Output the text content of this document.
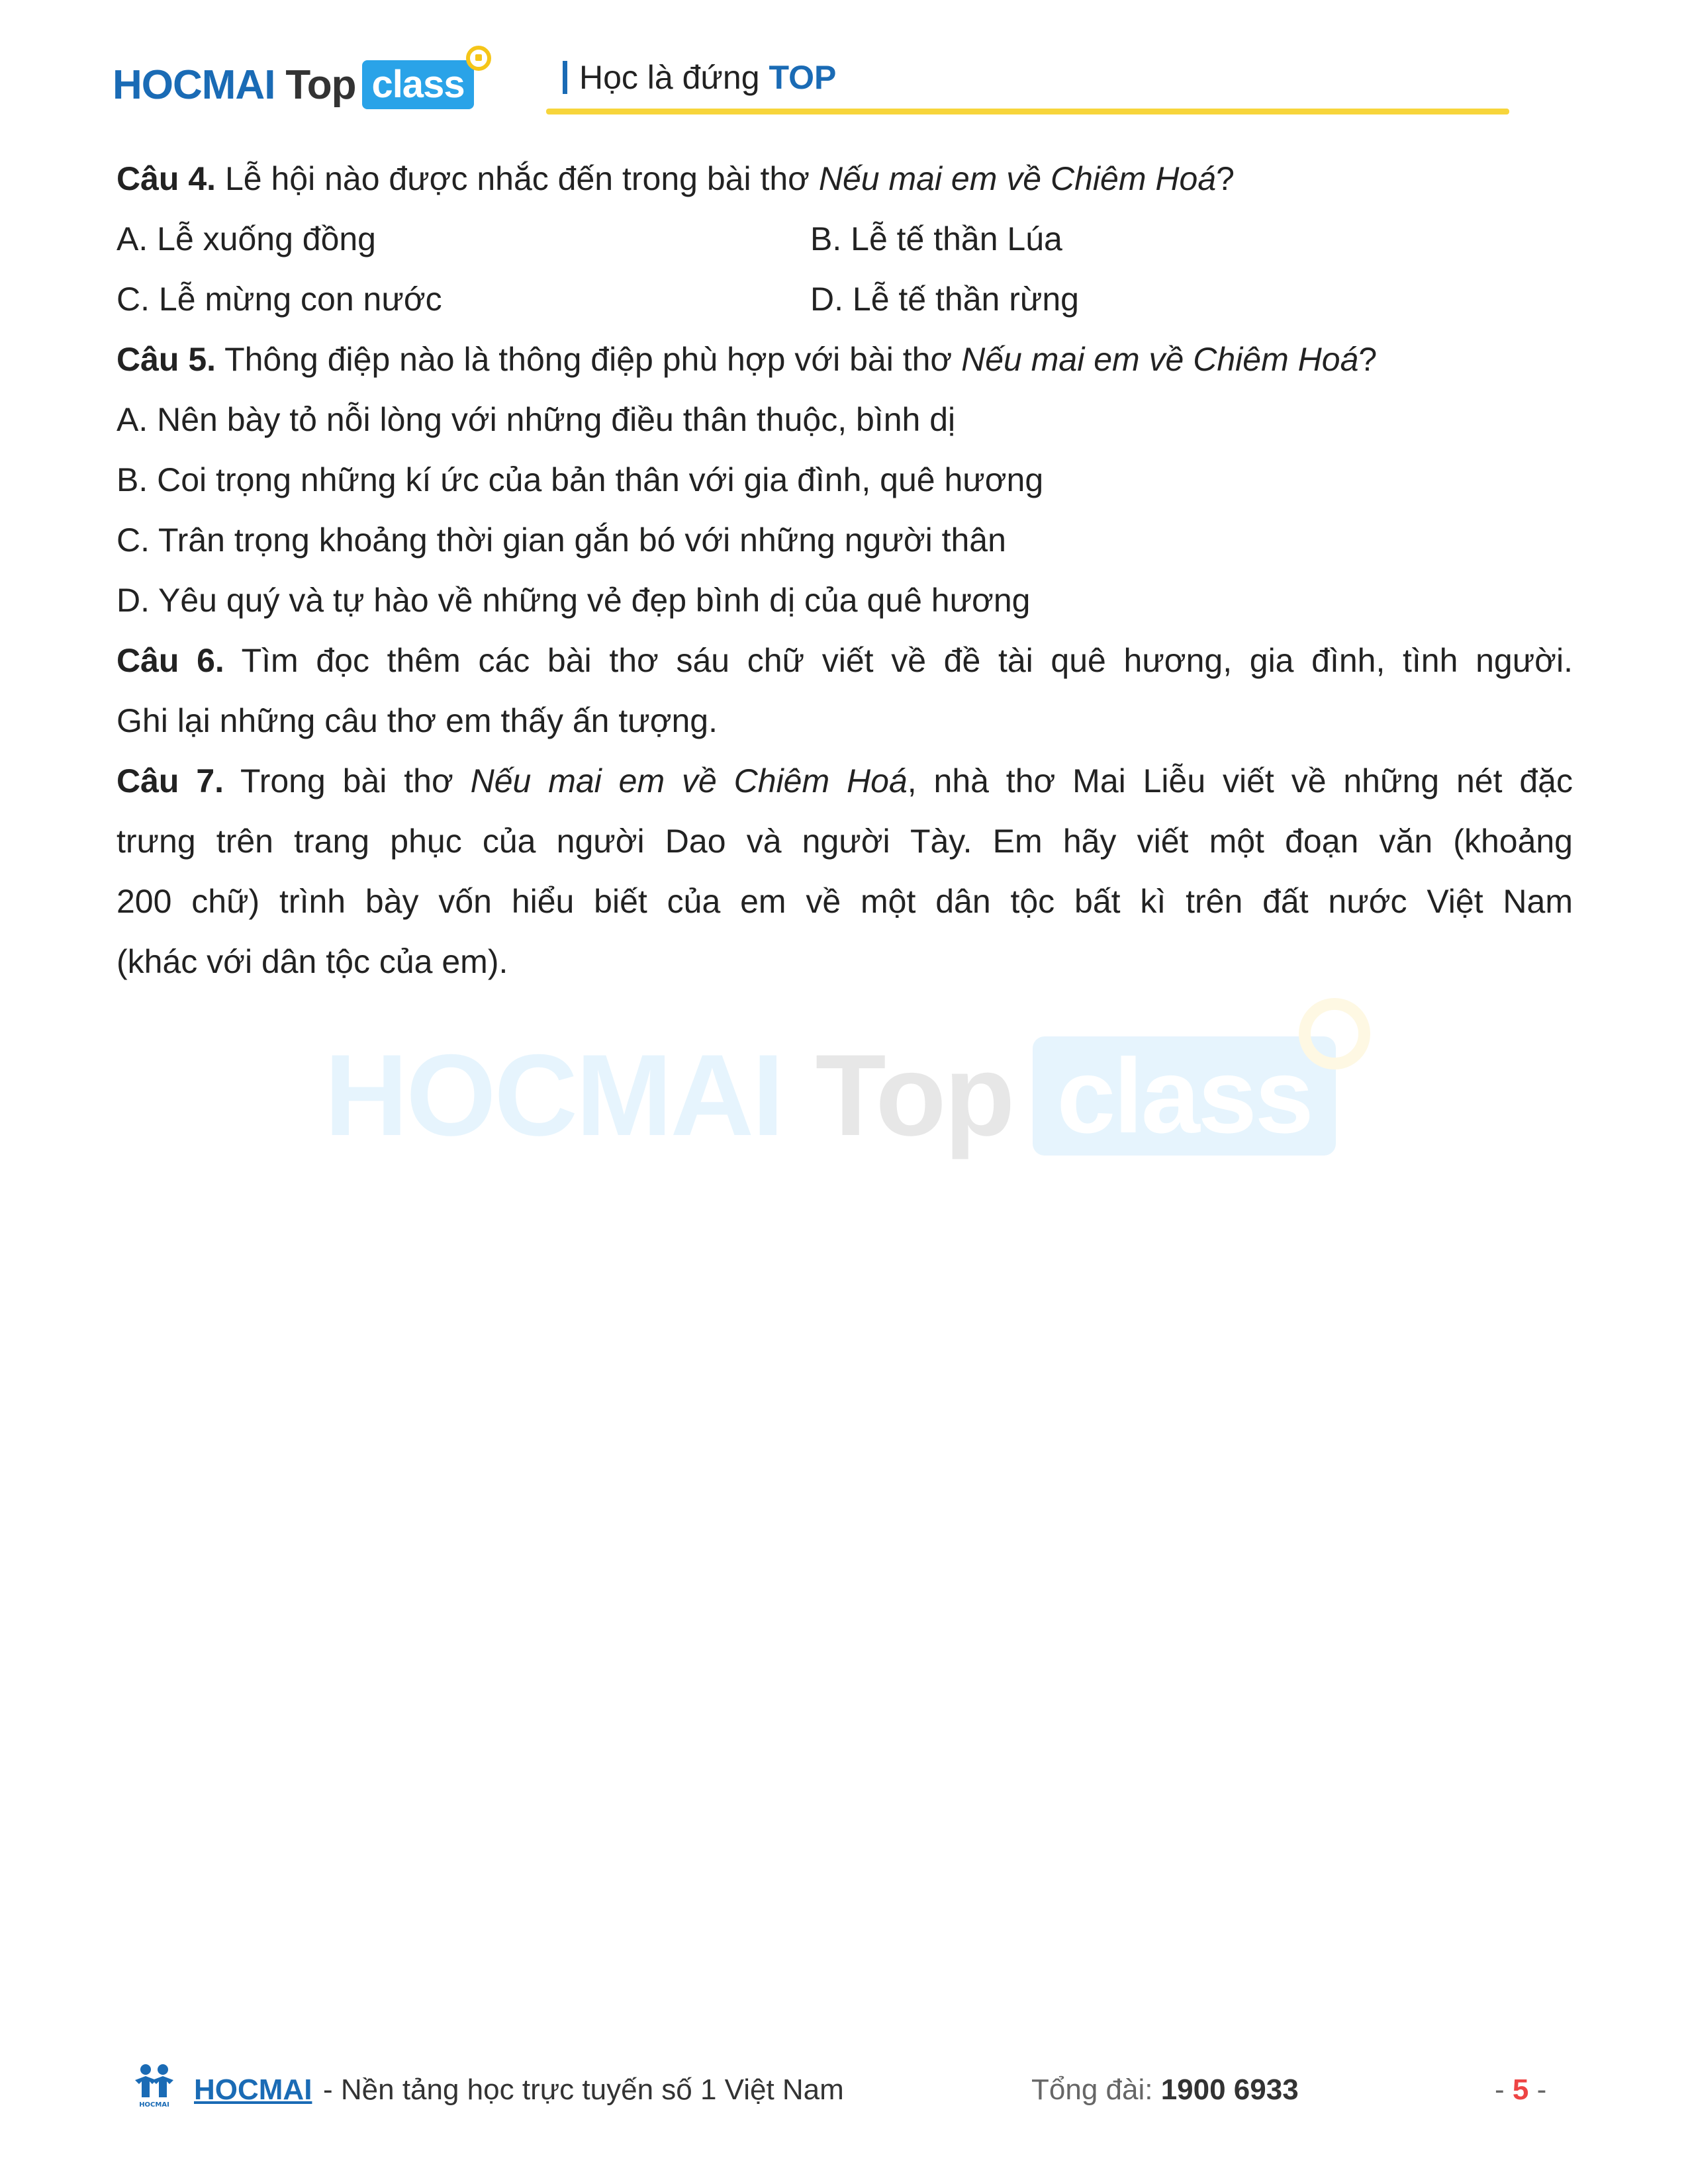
HOCMAI Top class	Học là đứng TOP
Câu 4. Lễ hội nào được nhắc đến trong bài thơ Nếu mai em về Chiêm Hoá?
A. Lễ xuống đồng	B. Lễ tế thần Lúa
C. Lễ mừng con nước	D. Lễ tế thần rừng
Câu 5. Thông điệp nào là thông điệp phù hợp với bài thơ Nếu mai em về Chiêm Hoá?
A. Nên bày tỏ nỗi lòng với những điều thân thuộc, bình dị
B. Coi trọng những kí ức của bản thân với gia đình, quê hương
C. Trân trọng khoảng thời gian gắn bó với những người thân
D. Yêu quý và tự hào về những vẻ đẹp bình dị của quê hương
Câu 6. Tìm đọc thêm các bài thơ sáu chữ viết về đề tài quê hương, gia đình, tình người.
Ghi lại những câu thơ em thấy ấn tượng.
Câu 7. Trong bài thơ Nếu mai em về Chiêm Hoá, nhà thơ Mai Liễu viết về những nét đặc
trưng trên trang phục của người Dao và người Tày. Em hãy viết một đoạn văn (khoảng
200 chữ) trình bày vốn hiểu biết của em về một dân tộc bất kì trên đất nước Việt Nam
(khác với dân tộc của em).
HOCMAI Top class
HOCMAI HOCMAI - Nền tảng học trực tuyến số 1 Việt Nam	Tổng đài: 1900 6933	- 5 -
